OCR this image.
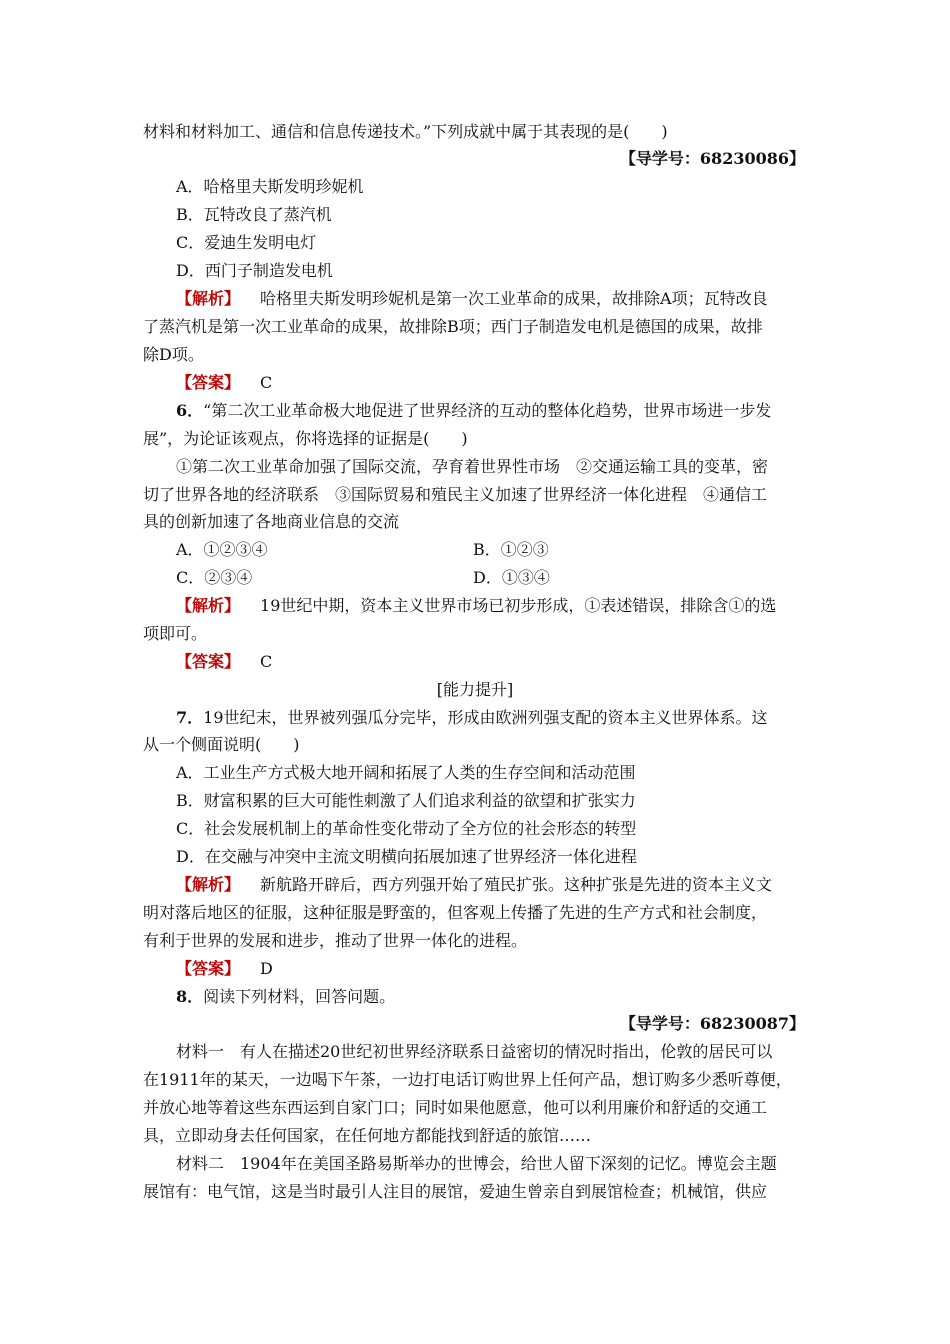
材料和材料加工、通信和信息传递技术。”下列成就中属于其表现的是(　　)
【导学号：68230086】
A．哈格里夫斯发明珍妮机
B．瓦特改良了蒸汽机
C．爱迪生发明电灯
D．西门子制造发电机
【解析】 哈格里夫斯发明珍妮机是第一次工业革命的成果，故排除A项；瓦特改良
了蒸汽机是第一次工业革命的成果，故排除B项；西门子制造发电机是德国的成果，故排
除D项。
【答案】 C
6．“第二次工业革命极大地促进了世界经济的互动的整体化趋势，世界市场进一步发
展”，为论证该观点，你将选择的证据是(　　)
①第二次工业革命加强了国际交流，孕育着世界性市场　②交通运输工具的变革，密
切了世界各地的经济联系　③国际贸易和殖民主义加速了世界经济一体化进程　④通信工
具的创新加速了各地商业信息的交流
A．①②③④	B．①②③
C．②③④	D．①③④
【解析】 19世纪中期，资本主义世界市场已初步形成，①表述错误，排除含①的选
项即可。
【答案】 C
[能力提升]
7．19世纪末，世界被列强瓜分完毕，形成由欧洲列强支配的资本主义世界体系。这
从一个侧面说明(　　)
A．工业生产方式极大地开阔和拓展了人类的生存空间和活动范围
B．财富积累的巨大可能性刺激了人们追求利益的欲望和扩张实力
C．社会发展机制上的革命性变化带动了全方位的社会形态的转型
D．在交融与冲突中主流文明横向拓展加速了世界经济一体化进程
【解析】 新航路开辟后，西方列强开始了殖民扩张。这种扩张是先进的资本主义文
明对落后地区的征服，这种征服是野蛮的，但客观上传播了先进的生产方式和社会制度，
有利于世界的发展和进步，推动了世界一体化的进程。
【答案】 D
8．阅读下列材料，回答问题。
【导学号：68230087】
材料一　有人在描述20世纪初世界经济联系日益密切的情况时指出，伦敦的居民可以
在1911年的某天，一边喝下午茶，一边打电话订购世界上任何产品，想订购多少悉听尊便，
并放心地等着这些东西运到自家门口；同时如果他愿意，他可以利用廉价和舒适的交通工
具，立即动身去任何国家，在任何地方都能找到舒适的旅馆……
材料二　1904年在美国圣路易斯举办的世博会，给世人留下深刻的记忆。博览会主题
展馆有：电气馆，这是当时最引人注目的展馆，爱迪生曾亲自到展馆检查；机械馆，供应
